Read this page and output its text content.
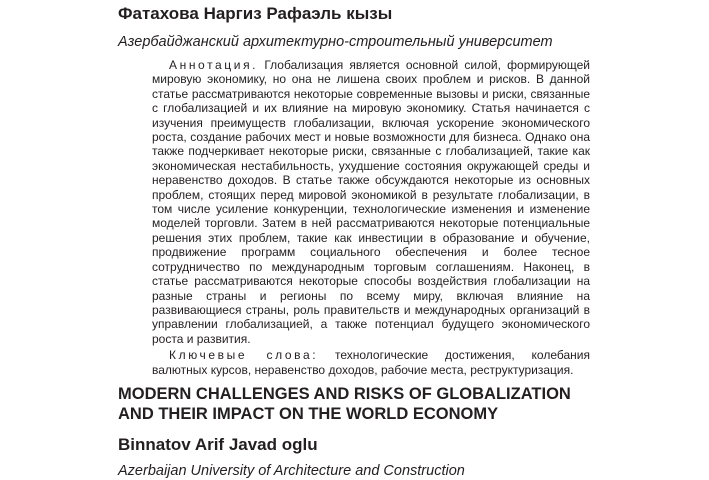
Фатахова Наргиз Рафаэль кызы
Азербайджанский архитектурно-строительный университет

Аннотация. Глобализация является основной силой, формирующей мировую экономику, но она не лишена своих проблем и рисков. В данной статье рассматриваются некоторые современные вызовы и риски, связанные с глобализацией и их влияние на мировую экономику. Статья начинается с изучения преимуществ глобализации, включая ускорение экономического роста, создание рабочих мест и новые возможности для бизнеса. Однако она также подчеркивает некоторые риски, связанные с глобализацией, такие как экономическая нестабильность, ухудшение состояния окружающей среды и неравенство доходов. В статье также обсуждаются некоторые из основных проблем, стоящих перед мировой экономикой в результате глобализации, в том числе усиление конкуренции, технологические изменения и изменение моделей торговли. Затем в ней рассматриваются некоторые потенциальные решения этих проблем, такие как инвестиции в образование и обучение, продвижение программ социального обеспечения и более тесное сотрудничество по международным торговым соглашениям. Наконец, в статье рассматриваются некоторые способы воздействия глобализации на разные страны и регионы по всему миру, включая влияние на развивающиеся страны, роль правительств и международных организаций в управлении глобализацией, а также потенциал будущего экономического роста и развития.

Ключевые слова: технологические достижения, колебания валютных курсов, неравенство доходов, рабочие места, реструктуризация.

MODERN CHALLENGES AND RISKS OF GLOBALIZATION
AND THEIR IMPACT ON THE WORLD ECONOMY
Binnatov Arif Javad oglu
Azerbaijan University of Architecture and Construction
